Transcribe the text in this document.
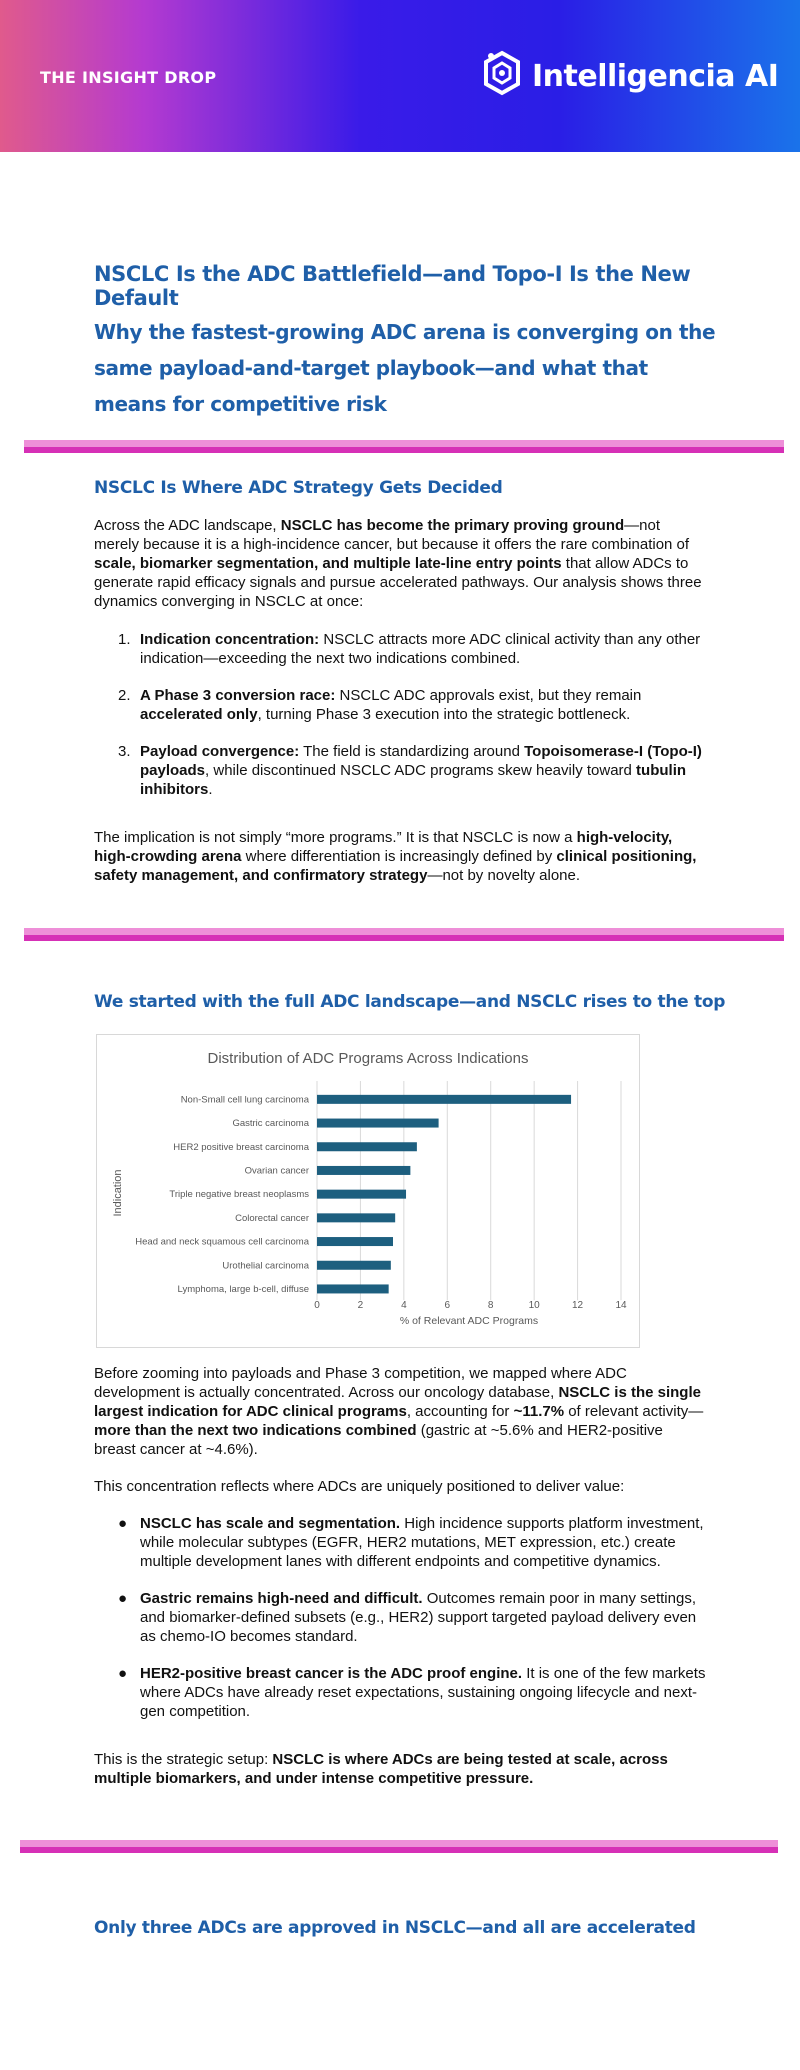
THE INSIGHT DROP	Intelligencia AI
NSCLC Is the ADC Battlefield—and Topo-I Is the New Default
Why the fastest-growing ADC arena is converging on the same payload-and-target playbook—and what that means for competitive risk
NSCLC Is Where ADC Strategy Gets Decided

Across the ADC landscape, NSCLC has become the primary proving ground—not merely because it is a high-incidence cancer, but because it offers the rare combination of scale, biomarker segmentation, and multiple late-line entry points that allow ADCs to generate rapid efficacy signals and pursue accelerated pathways. Our analysis shows three dynamics converging in NSCLC at once:

1. Indication concentration: NSCLC attracts more ADC clinical activity than any other indication—exceeding the next two indications combined.
2. A Phase 3 conversion race: NSCLC ADC approvals exist, but they remain accelerated only, turning Phase 3 execution into the strategic bottleneck.
3. Payload convergence: The field is standardizing around Topoisomerase-I (Topo-I) payloads, while discontinued NSCLC ADC programs skew heavily toward tubulin inhibitors.

The implication is not simply “more programs.” It is that NSCLC is now a high-velocity, high-crowding arena where differentiation is increasingly defined by clinical positioning, safety management, and confirmatory strategy—not by novelty alone.

We started with the full ADC landscape—and NSCLC rises to the top
Distribution of ADC Programs Across Indications
0	2	4	6	8	10	12	14
Non-Small cell lung carcinoma
Gastric carcinoma
HER2 positive breast carcinoma
Ovarian cancer
Triple negative breast neoplasms
Colorectal cancer
Head and neck squamous cell carcinoma
Urothelial carcinoma
Lymphoma, large b-cell, diffuse
% of Relevant ADC Programs
Indication

Before zooming into payloads and Phase 3 competition, we mapped where ADC development is actually concentrated. Across our oncology database, NSCLC is the single largest indication for ADC clinical programs, accounting for ~11.7% of relevant activity—more than the next two indications combined (gastric at ~5.6% and HER2-positive breast cancer at ~4.6%).

This concentration reflects where ADCs are uniquely positioned to deliver value:

● NSCLC has scale and segmentation. High incidence supports platform investment, while molecular subtypes (EGFR, HER2 mutations, MET expression, etc.) create multiple development lanes with different endpoints and competitive dynamics.
● Gastric remains high-need and difficult. Outcomes remain poor in many settings, and biomarker-defined subsets (e.g., HER2) support targeted payload delivery even as chemo-IO becomes standard.
● HER2-positive breast cancer is the ADC proof engine. It is one of the few markets where ADCs have already reset expectations, sustaining ongoing lifecycle and next-gen competition.

This is the strategic setup: NSCLC is where ADCs are being tested at scale, across multiple biomarkers, and under intense competitive pressure.

Only three ADCs are approved in NSCLC—and all are accelerated
